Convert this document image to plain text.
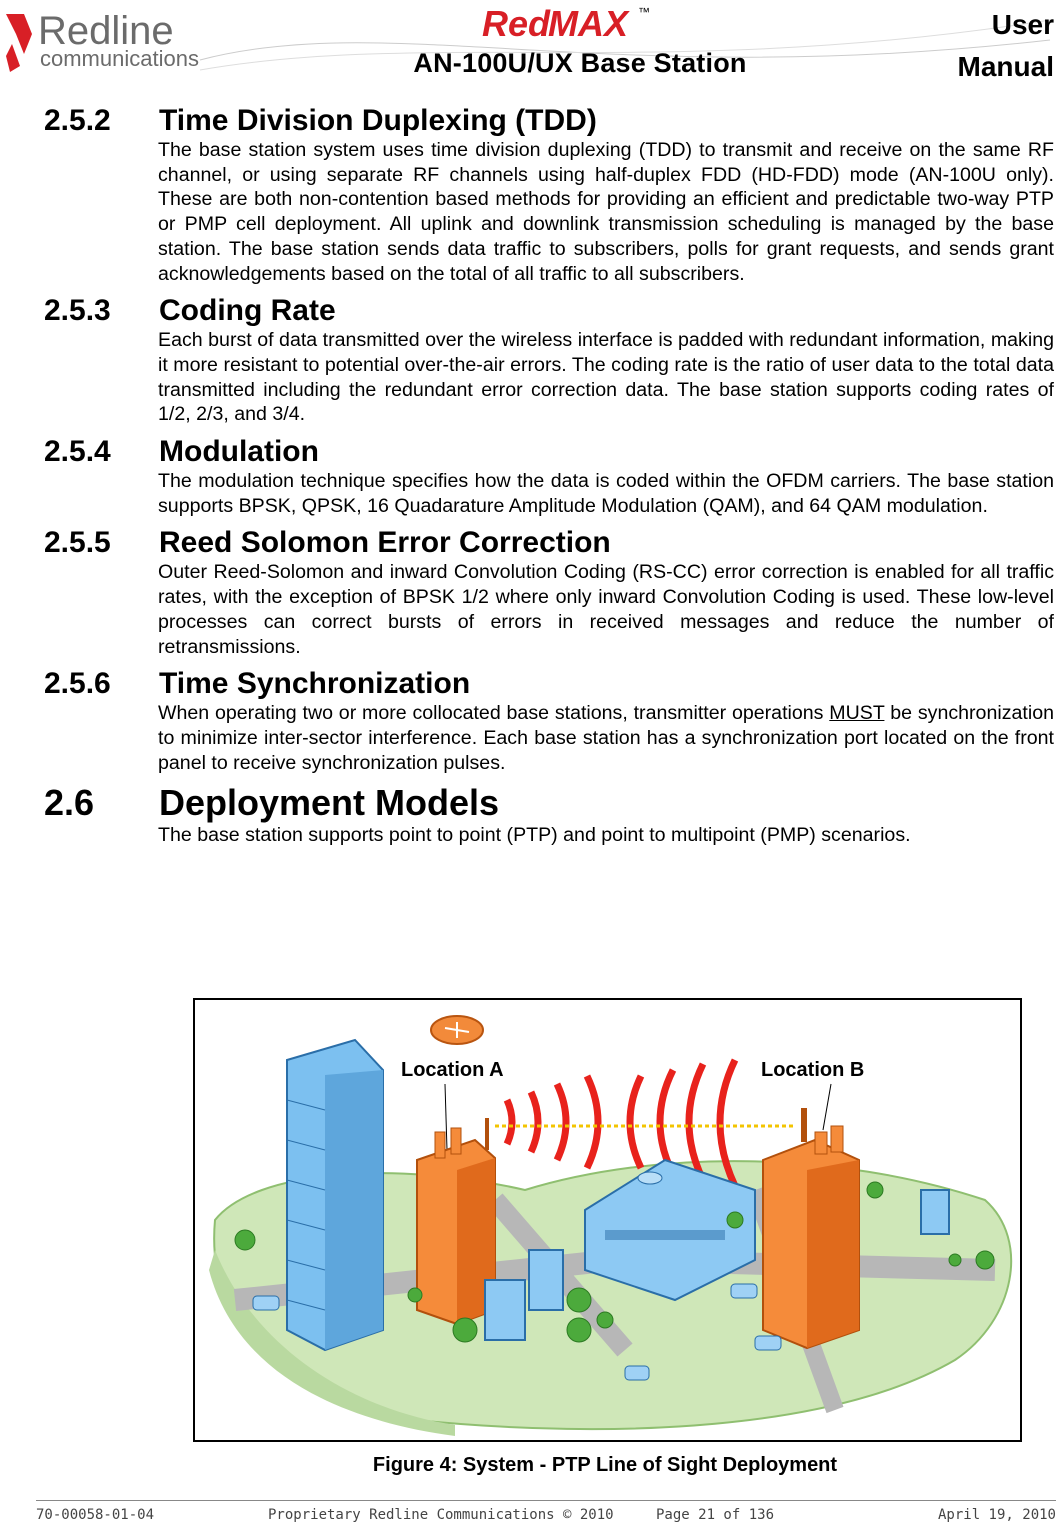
Redline
communications
Red
MAX ™
AN-100U/UX Base Station
User
Manual
2.5.2	Time Division Duplexing (TDD)

The base station system uses time division duplexing (TDD) to transmit and receive on the same RF channel, or using separate RF channels using half-duplex FDD (HD-FDD) mode (AN-100U only). These are both non-contention based methods for providing an efficient and predictable two-way PTP or PMP cell deployment. All uplink and downlink transmission scheduling is managed by the base station. The base station sends data traffic to subscribers, polls for grant requests, and sends grant acknowledgements based on the total of all traffic to all subscribers.

2.5.3	Coding Rate

Each burst of data transmitted over the wireless interface is padded with redundant information, making it more resistant to potential over-the-air errors. The coding rate is the ratio of user data to the total data transmitted including the redundant error correction data. The base station supports coding rates of 1/2, 2/3, and 3/4.

2.5.4	Modulation

The modulation technique specifies how the data is coded within the OFDM carriers. The base station supports BPSK, QPSK, 16 Quadarature Amplitude Modulation (QAM), and 64 QAM modulation.

2.5.5	Reed Solomon Error Correction

Outer Reed-Solomon and inward Convolution Coding (RS-CC) error correction is enabled for all traffic rates, with the exception of BPSK 1/2 where only inward Convolution Coding is used. These low-level processes can correct bursts of errors in received messages and reduce the number of retransmissions.

2.5.6	Time Synchronization

When operating two or more collocated base stations, transmitter operations MUST be synchronization to minimize inter-sector interference. Each base station has a synchronization port located on the front panel to receive synchronization pulses.

2.6	Deployment Models

The base station supports point to point (PTP) and point to multipoint (PMP) scenarios.

Location A	Location B
Figure 4: System - PTP Line of Sight Deployment
70-00058-01-04	Proprietary Redline Communications © 2010	Page 21 of 136	April 19, 2010
